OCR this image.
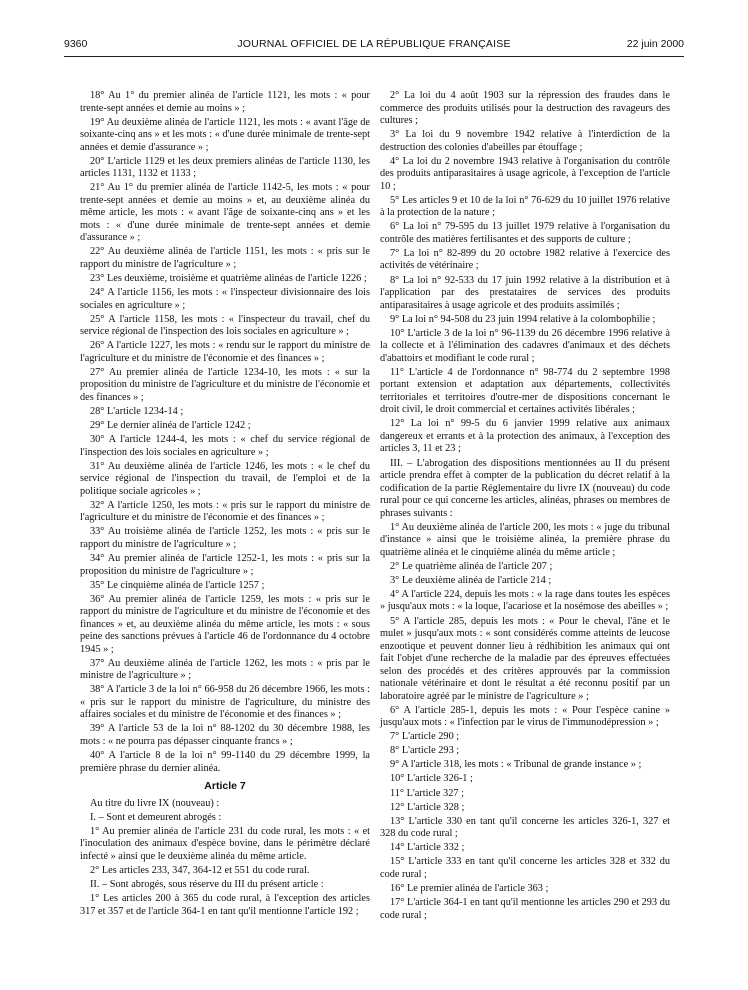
9360	JOURNAL OFFICIEL DE LA RÉPUBLIQUE FRANÇAISE	22 juin 2000

18° Au 1° du premier alinéa de l'article 1121, les mots : « pour trente-sept années et demie au moins » ;

19° Au deuxième alinéa de l'article 1121, les mots : « avant l'âge de soixante-cinq ans » et les mots : « d'une durée minimale de trente-sept années et demie d'assurance » ;

20° L'article 1129 et les deux premiers alinéas de l'article 1130, les articles 1131, 1132 et 1133 ;

21° Au 1° du premier alinéa de l'article 1142-5, les mots : « pour trente-sept années et demie au moins » et, au deuxième alinéa du même article, les mots : « avant l'âge de soixante-cinq ans » et les mots : « d'une durée minimale de trente-sept années et demie d'assurance » ;

22° Au deuxième alinéa de l'article 1151, les mots : « pris sur le rapport du ministre de l'agriculture » ;

23° Les deuxième, troisième et quatrième alinéas de l'article 1226 ;

24° A l'article 1156, les mots : « l'inspecteur divisionnaire des lois sociales en agriculture » ;

25° A l'article 1158, les mots : « l'inspecteur du travail, chef du service régional de l'inspection des lois sociales en agriculture » ;

26° A l'article 1227, les mots : « rendu sur le rapport du ministre de l'agriculture et du ministre de l'économie et des finances » ;

27° Au premier alinéa de l'article 1234-10, les mots : « sur la proposition du ministre de l'agriculture et du ministre de l'économie et des finances » ;

28° L'article 1234-14 ;

29° Le dernier alinéa de l'article 1242 ;

30° A l'article 1244-4, les mots : « chef du service régional de l'inspection des lois sociales en agriculture » ;

31° Au deuxième alinéa de l'article 1246, les mots : « le chef du service régional de l'inspection du travail, de l'emploi et de la politique sociale agricoles » ;

32° A l'article 1250, les mots : « pris sur le rapport du ministre de l'agriculture et du ministre de l'économie et des finances » ;

33° Au troisième alinéa de l'article 1252, les mots : « pris sur le rapport du ministre de l'agriculture » ;

34° Au premier alinéa de l'article 1252-1, les mots : « pris sur la proposition du ministre de l'agriculture » ;

35° Le cinquième alinéa de l'article 1257 ;

36° Au premier alinéa de l'article 1259, les mots : « pris sur le rapport du ministre de l'agriculture et du ministre de l'économie et des finances » et, au deuxième alinéa du même article, les mots : « sous peine des sanctions prévues à l'article 46 de l'ordonnance du 4 octobre 1945 » ;

37° Au deuxième alinéa de l'article 1262, les mots : « pris par le ministre de l'agriculture » ;

38° A l'article 3 de la loi n° 66-958 du 26 décembre 1966, les mots : « pris sur le rapport du ministre de l'agriculture, du ministre des affaires sociales et du ministre de l'économie et des finances » ;

39° A l'article 53 de la loi n° 88-1202 du 30 décembre 1988, les mots : « ne pourra pas dépasser cinquante francs » ;

40° A l'article 8 de la loi n° 99-1140 du 29 décembre 1999, la première phrase du dernier alinéa.

Article 7

Au titre du livre IX (nouveau) :

I. – Sont et demeurent abrogés :

1° Au premier alinéa de l'article 231 du code rural, les mots : « et l'inoculation des animaux d'espèce bovine, dans le périmètre déclaré infecté » ainsi que le deuxième alinéa du même article.

2° Les articles 233, 347, 364-12 et 551 du code rural.

II. – Sont abrogés, sous réserve du III du présent article :

1° Les articles 200 à 365 du code rural, à l'exception des articles 317 et 357 et de l'article 364-1 en tant qu'il mentionne l'article 192 ;

2° La loi du 4 août 1903 sur la répression des fraudes dans le commerce des produits utilisés pour la destruction des ravageurs des cultures ;

3° La loi du 9 novembre 1942 relative à l'interdiction de la destruction des colonies d'abeilles par étouffage ;

4° La loi du 2 novembre 1943 relative à l'organisation du contrôle des produits antiparasitaires à usage agricole, à l'exception de l'article 10 ;

5° Les articles 9 et 10 de la loi n° 76-629 du 10 juillet 1976 relative à la protection de la nature ;

6° La loi n° 79-595 du 13 juillet 1979 relative à l'organisation du contrôle des matières fertilisantes et des supports de culture ;

7° La loi n° 82-899 du 20 octobre 1982 relative à l'exercice des activités de vétérinaire ;

8° La loi n° 92-533 du 17 juin 1992 relative à la distribution et à l'application par des prestataires de services des produits antiparasitaires à usage agricole et des produits assimilés ;

9° La loi n° 94-508 du 23 juin 1994 relative à la colombophilie ;

10° L'article 3 de la loi n° 96-1139 du 26 décembre 1996 relative à la collecte et à l'élimination des cadavres d'animaux et des déchets d'abattoirs et modifiant le code rural ;

11° L'article 4 de l'ordonnance n° 98-774 du 2 septembre 1998 portant extension et adaptation aux départements, collectivités territoriales et territoires d'outre-mer de dispositions concernant le droit civil, le droit commercial et certaines activités libérales ;

12° La loi n° 99-5 du 6 janvier 1999 relative aux animaux dangereux et errants et à la protection des animaux, à l'exception des articles 3, 11 et 23 ;

III. – L'abrogation des dispositions mentionnées au II du présent article prendra effet à compter de la publication du décret relatif à la codification de la partie Réglementaire du livre IX (nouveau) du code rural pour ce qui concerne les articles, alinéas, phrases ou membres de phrases suivants :

1° Au deuxième alinéa de l'article 200, les mots : « juge du tribunal d'instance » ainsi que le troisième alinéa, la première phrase du quatrième alinéa et le cinquième alinéa du même article ;

2° Le quatrième alinéa de l'article 207 ;

3° Le deuxième alinéa de l'article 214 ;

4° A l'article 224, depuis les mots : « la rage dans toutes les espèces » jusqu'aux mots : « la loque, l'acariose et la nosémose des abeilles » ;

5° A l'article 285, depuis les mots : « Pour le cheval, l'âne et le mulet » jusqu'aux mots : « sont considérés comme atteints de leucose enzootique et peuvent donner lieu à rédhibition les animaux qui ont fait l'objet d'une recherche de la maladie par des épreuves effectuées selon des procédés et des critères approuvés par la commission nationale vétérinaire et dont le résultat a été reconnu positif par un laboratoire agréé par le ministre de l'agriculture » ;

6° A l'article 285-1, depuis les mots : « Pour l'espèce canine » jusqu'aux mots : « l'infection par le virus de l'immunodépression » ;

7° L'article 290 ;

8° L'article 293 ;

9° A l'article 318, les mots : « Tribunal de grande instance » ;

10° L'article 326-1 ;

11° L'article 327 ;

12° L'article 328 ;

13° L'article 330 en tant qu'il concerne les articles 326-1, 327 et 328 du code rural ;

14° L'article 332 ;

15° L'article 333 en tant qu'il concerne les articles 328 et 332 du code rural ;

16° Le premier alinéa de l'article 363 ;

17° L'article 364-1 en tant qu'il mentionne les articles 290 et 293 du code rural ;
